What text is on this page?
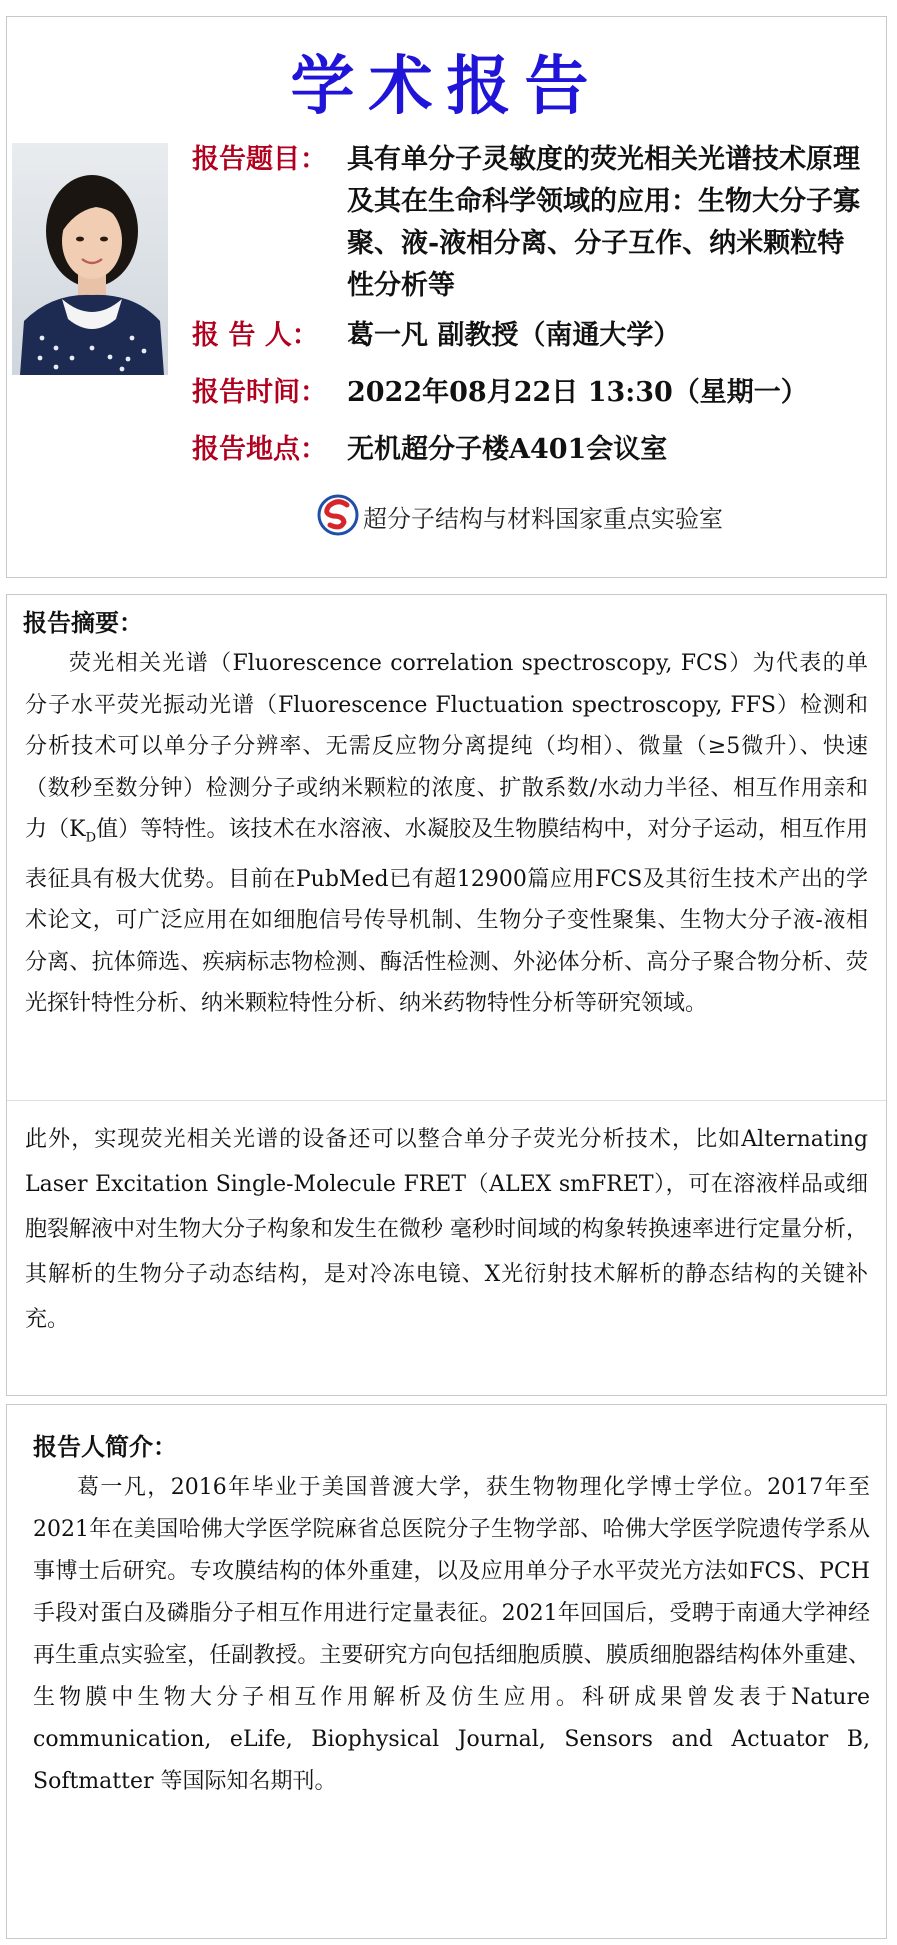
学术报告
报告题目： 具有单分子灵敏度的荧光相关光谱技术原理及其在生命科学领域的应用：生物大分子寡聚、液-液相分离、分子互作、纳米颗粒特性分析等
报 告 人： 葛一凡 副教授（南通大学）
报告时间： 2022年08月22日 13:30（星期一）
报告地点： 无机超分子楼A401会议室
超分子结构与材料国家重点实验室
报告摘要：
荧光相关光谱（Fluorescence correlation spectroscopy, FCS）为代表的单分子水平荧光振动光谱（Fluorescence Fluctuation spectroscopy, FFS）检测和分析技术可以单分子分辨率、无需反应物分离提纯（均相）、微量（≥5微升）、快速（数秒至数分钟）检测分子或纳米颗粒的浓度、扩散系数/水动力半径、相互作用亲和力（$K_D$值）等特性。该技术在水溶液、水凝胶及生物膜结构中，对分子运动，相互作用表征具有极大优势。目前在PubMed已有超12900篇应用FCS及其衍生技术产出的学术论文，可广泛应用在如细胞信号传导机制、生物分子变性聚集、生物大分子液-液相分离、抗体筛选、疾病标志物检测、酶活性检测、外泌体分析、高分子聚合物分析、荧光探针特性分析、纳米颗粒特性分析、纳米药物特性分析等研究领域。
此外，实现荧光相关光谱的设备还可以整合单分子荧光分析技术，比如Alternating Laser Excitation Single-Molecule FRET（ALEX smFRET），可在溶液样品或细胞裂解液中对生物大分子构象和发生在微秒 毫秒时间域的构象转换速率进行定量分析，其解析的生物分子动态结构，是对冷冻电镜、X光衍射技术解析的静态结构的关键补充。
报告人简介：
葛一凡，2016年毕业于美国普渡大学，获生物物理化学博士学位。2017年至2021年在美国哈佛大学医学院麻省总医院分子生物学部、哈佛大学医学院遗传学系从事博士后研究。专攻膜结构的体外重建，以及应用单分子水平荧光方法如FCS、PCH手段对蛋白及磷脂分子相互作用进行定量表征。2021年回国后，受聘于南通大学神经再生重点实验室，任副教授。主要研究方向包括细胞质膜、膜质细胞器结构体外重建、生物膜中生物大分子相互作用解析及仿生应用。科研成果曾发表于Nature communication, eLife, Biophysical Journal, Sensors and Actuator B, Softmatter 等国际知名期刊。
